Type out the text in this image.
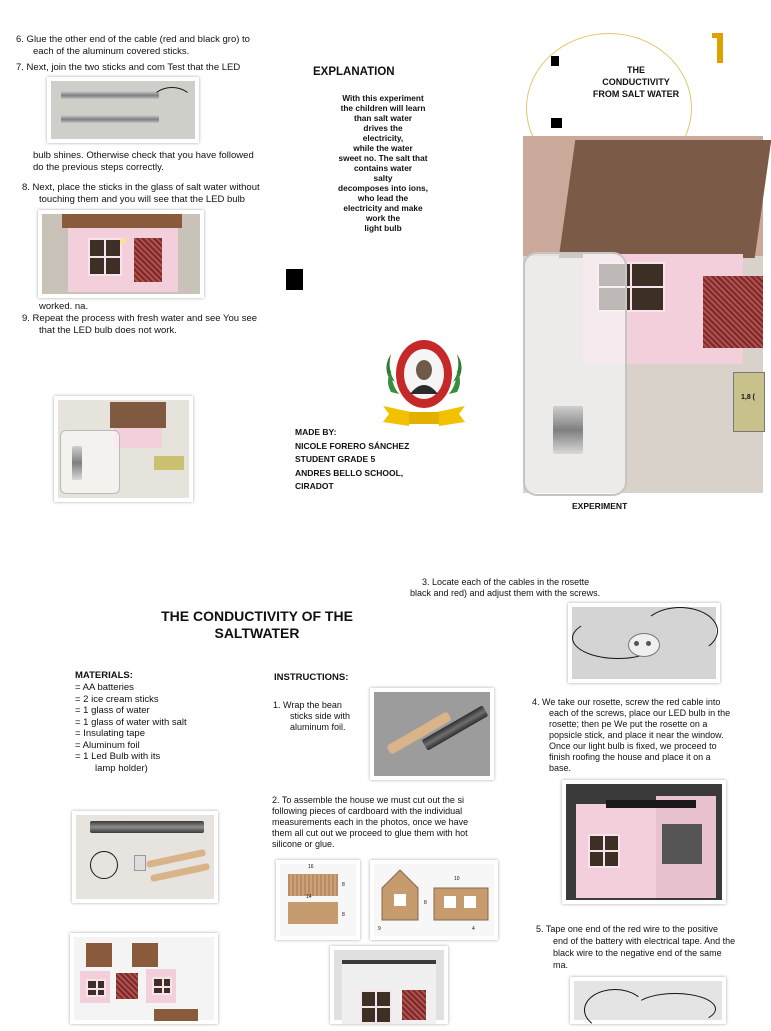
6. Glue the other end of the cable (red and black gro) to
each of the aluminum covered sticks.
7. Next, join the two sticks and com Test that the LED
bulb shines. Otherwise check that you have followed
do the previous steps correctly.
8. Next, place the sticks in the glass of salt water without
touching them and you will see that the LED bulb
worked. na.
9. Repeat the process with fresh water and see You see
that the LED bulb does not work.
EXPLANATION
With this experiment
the children will learn
than salt water
drives the
electricity,
while the water
sweet no. The salt that
contains water
salty
decomposes into ions,
who lead the
electricity and make
work the
light bulb
MADE BY:
NICOLE FORERO SÁNCHEZ
STUDENT GRADE 5
ANDRES BELLO SCHOOL,
CIRADOT
THE
CONDUCTIVITY
FROM SALT WATER
1,8 (
EXPERIMENT
THE CONDUCTIVITY OF THE
SALTWATER
MATERIALS:
= AA batteries
= 2 ice cream sticks
= 1 glass of water
= 1 glass of water with salt
= Insulating tape
= Aluminum foil
= 1 Led Bulb with its
lamp holder)
INSTRUCTIONS:
1. Wrap the bean
sticks side with
aluminum foil.
2. To assemble the house we must cut out the si
following pieces of cardboard with the individual
measurements each in the photos, once we have
them all cut out we proceed to glue them with hot
silicone or glue.
16
8
14
8
10
8
9	4
3. Locate each of the cables in the rosette
black and red) and adjust them with the screws.
4. We take our rosette, screw the red cable into
each of the screws, place our LED bulb in the
rosette; then pe We put the rosette on a
popsicle stick, and place it near the window.
Once our light bulb is fixed, we proceed to
finish roofing the house and place it on a
base.
5. Tape one end of the red wire to the positive
end of the battery with electrical tape. And the
black wire to the negative end of the same
ma.
